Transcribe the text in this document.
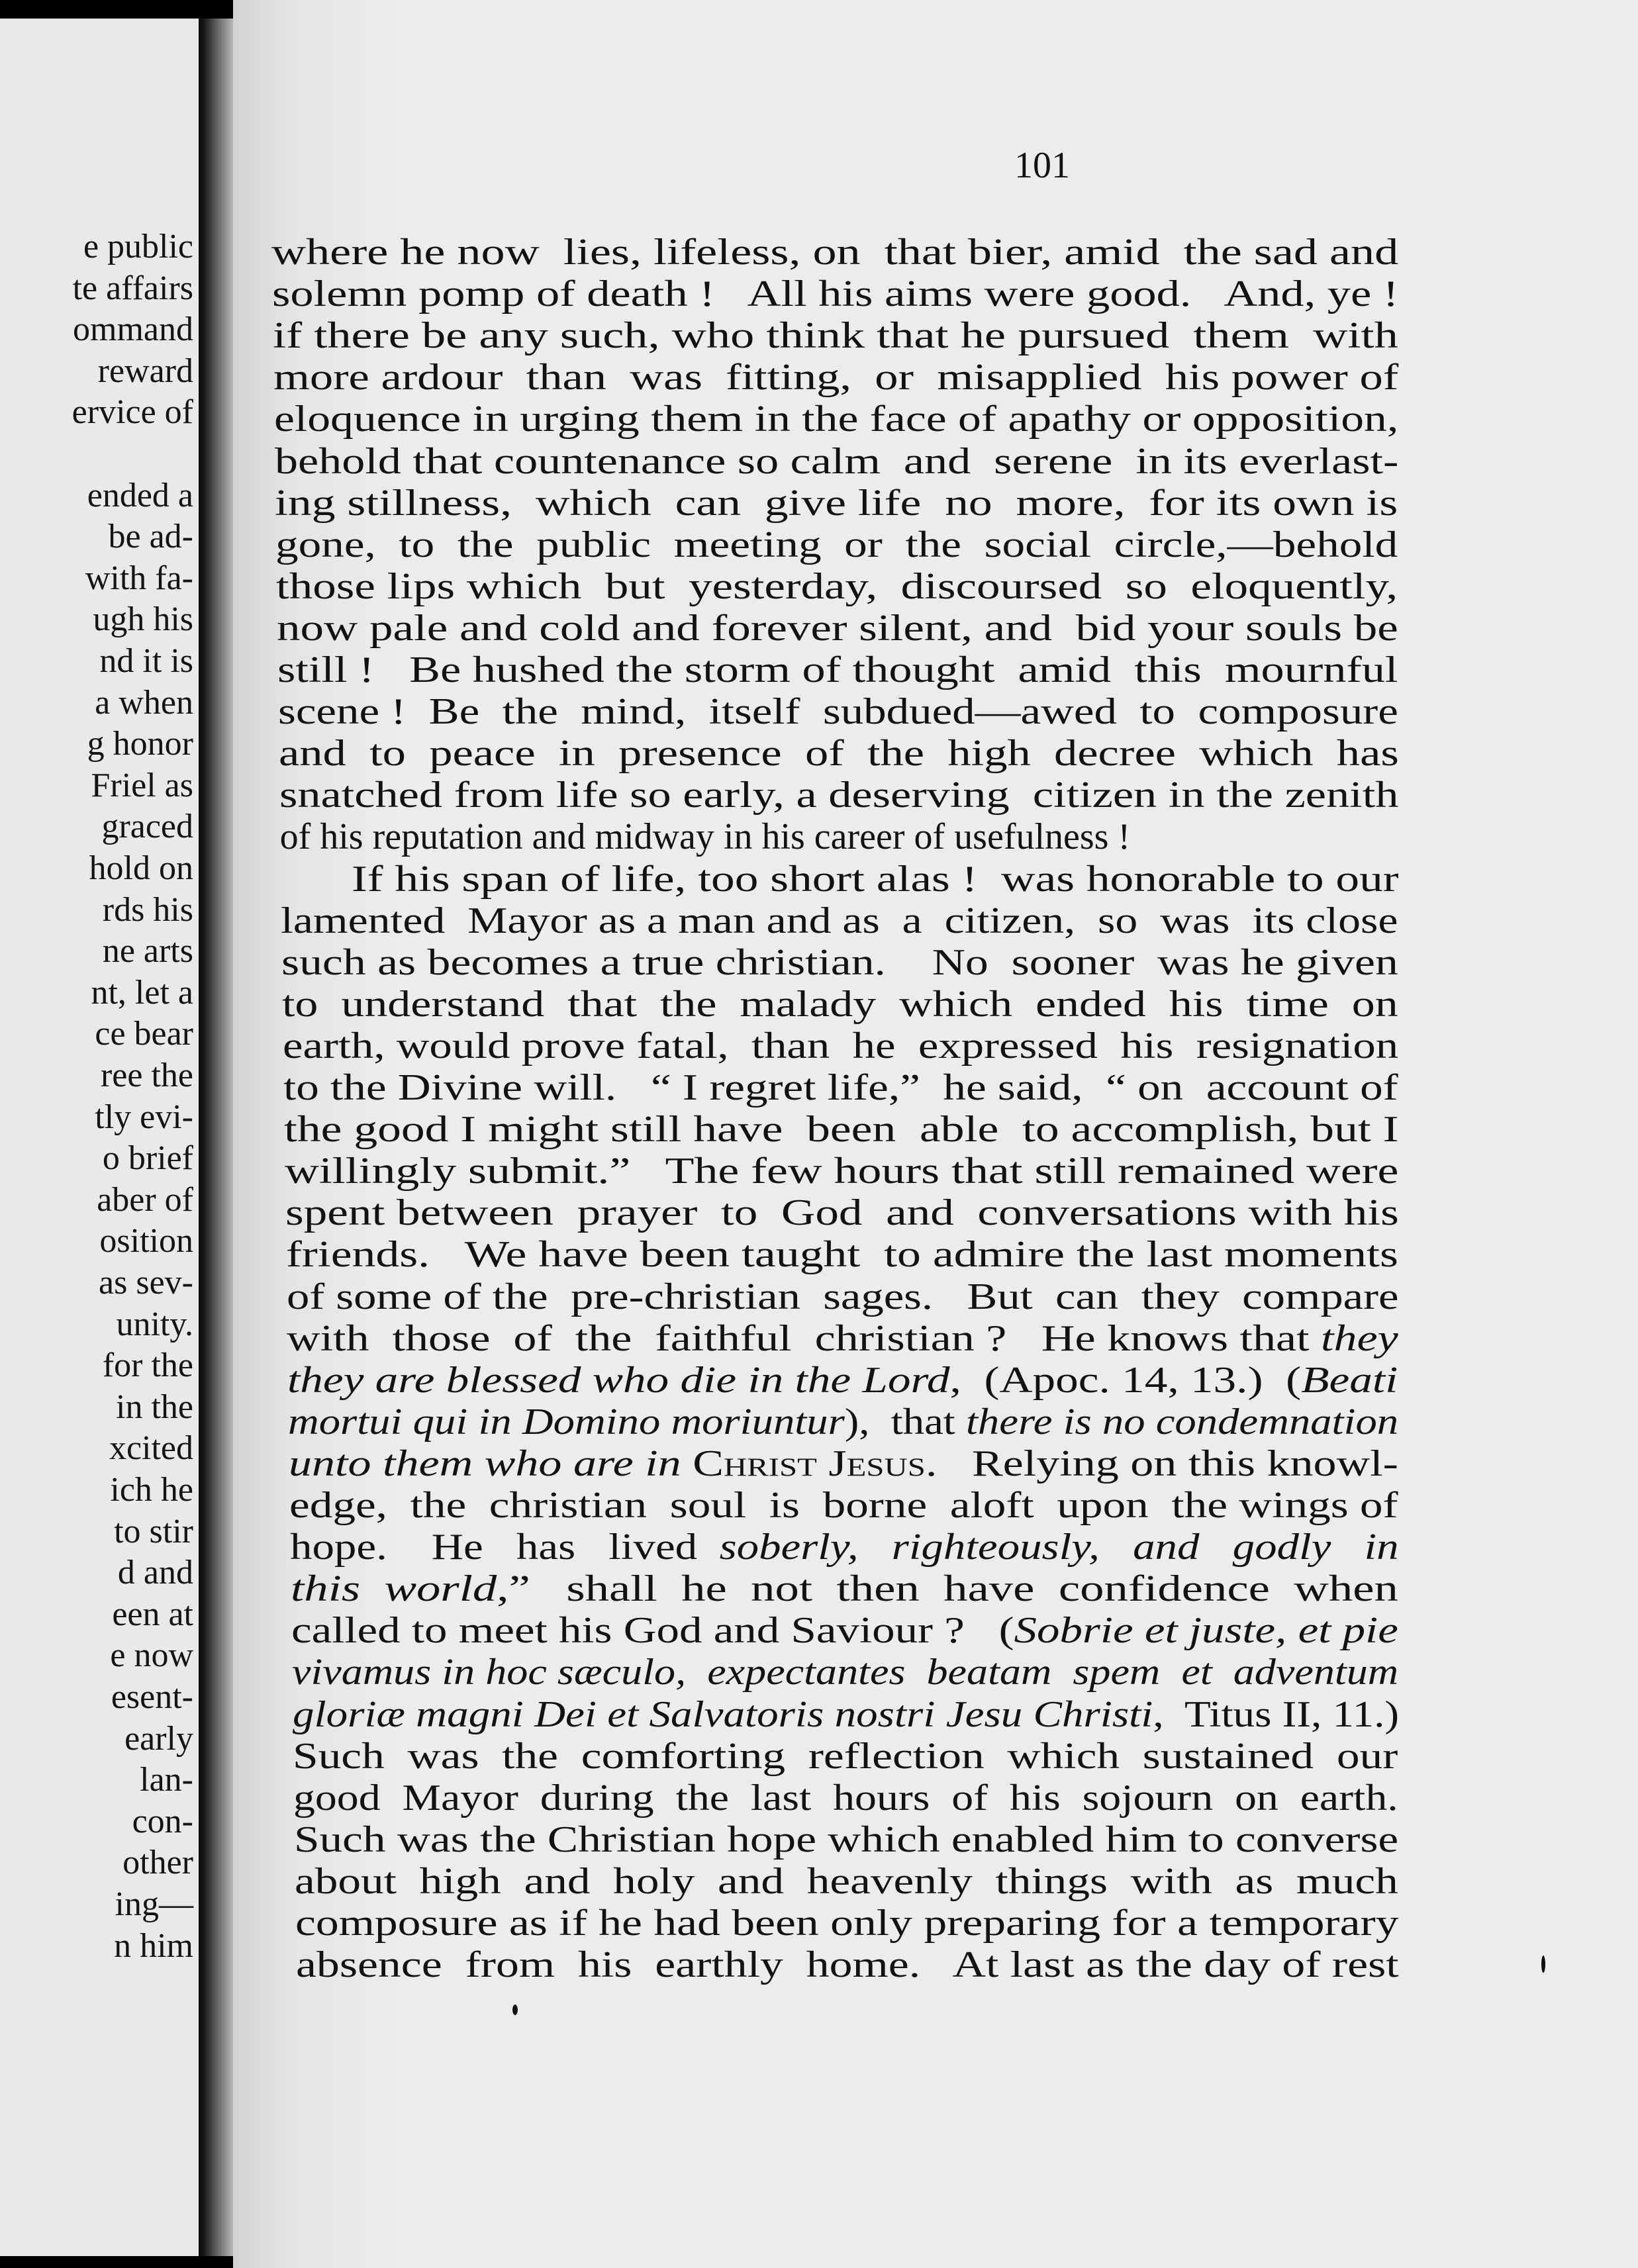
e public
te affairs
ommand
reward
ervice of
ended a
be ad-
with fa-
ugh his
nd it is
a when
g honor
Friel as
graced
hold on
rds his
ne arts
nt, let a
ce bear
ree the
tly evi-
o brief
aber of
osition
as sev-
unity.
for the
in the
xcited
ich he
to stir
d and
een at
e now
esent-
early
lan-
con-
other
ing—
n him
101
where he now  lies, lifeless, on  that bier, amid  the sad and
solemn pomp of death !   All his aims were good.   And, ye !
if there be any such, who think that he pursued  them  with
more ardour  than  was  fitting,  or  misapplied  his power of
eloquence in urging them in the face of apathy or opposition,
behold that countenance so calm  and  serene  in its everlast-
ing stillness,  which  can  give life  no  more,  for its own is
gone,  to  the  public  meeting  or  the  social  circle,—behold
those lips which  but  yesterday,  discoursed  so  eloquently,
now pale and cold and forever silent, and  bid your souls be
still !   Be hushed the storm of thought  amid  this  mournful
scene !  Be  the  mind,  itself  subdued—awed  to  composure
and  to  peace  in  presence  of  the  high  decree  which  has
snatched from life so early, a deserving  citizen in the zenith
of his reputation and midway in his career of usefulness !
If his span of life, too short alas !  was honorable to our
lamented  Mayor as a man and as  a  citizen,  so  was  its close
such as becomes a true christian.    No  sooner  was he given
to  understand  that  the  malady  which  ended  his  time  on
earth, would prove fatal,  than  he  expressed  his  resignation
to the Divine will.   “ I regret life,”  he said,  “ on  account of
the good I might still have  been  able  to accomplish, but I
willingly submit.”   The few hours that still remained were
spent between  prayer  to  God  and  conversations with his
friends.   We have been taught  to admire the last moments
of some of the  pre-christian  sages.   But  can  they  compare
with  those  of  the  faithful  christian ?   He knows that they
they are blessed who die in the Lord,  (Apoc. 14, 13.)  (Beati
mortui qui in Domino moriuntur),  that there is no condemnation
unto them who are in Christ Jesus.   Relying on this knowl-
edge,  the  christian  soul  is  borne  aloft  upon  the wings of
hope.    He   has   lived  soberly,   righteously,   and   godly   in
this  world,”   shall  he  not  then  have  confidence  when
called to meet his God and Saviour ?   (Sobrie et juste, et pie
vivamus in hoc sæculo,  expectantes  beatam  spem  et  adventum
gloriæ magni Dei et Salvatoris nostri Jesu Christi,  Titus II, 11.)
Such  was  the  comforting  reflection  which  sustained  our
good  Mayor  during  the  last  hours  of  his  sojourn  on  earth.
Such was the Christian hope which enabled him to converse
about  high  and  holy  and  heavenly  things  with  as  much
composure as if he had been only preparing for a temporary
absence  from  his  earthly  home.   At last as the day of rest
